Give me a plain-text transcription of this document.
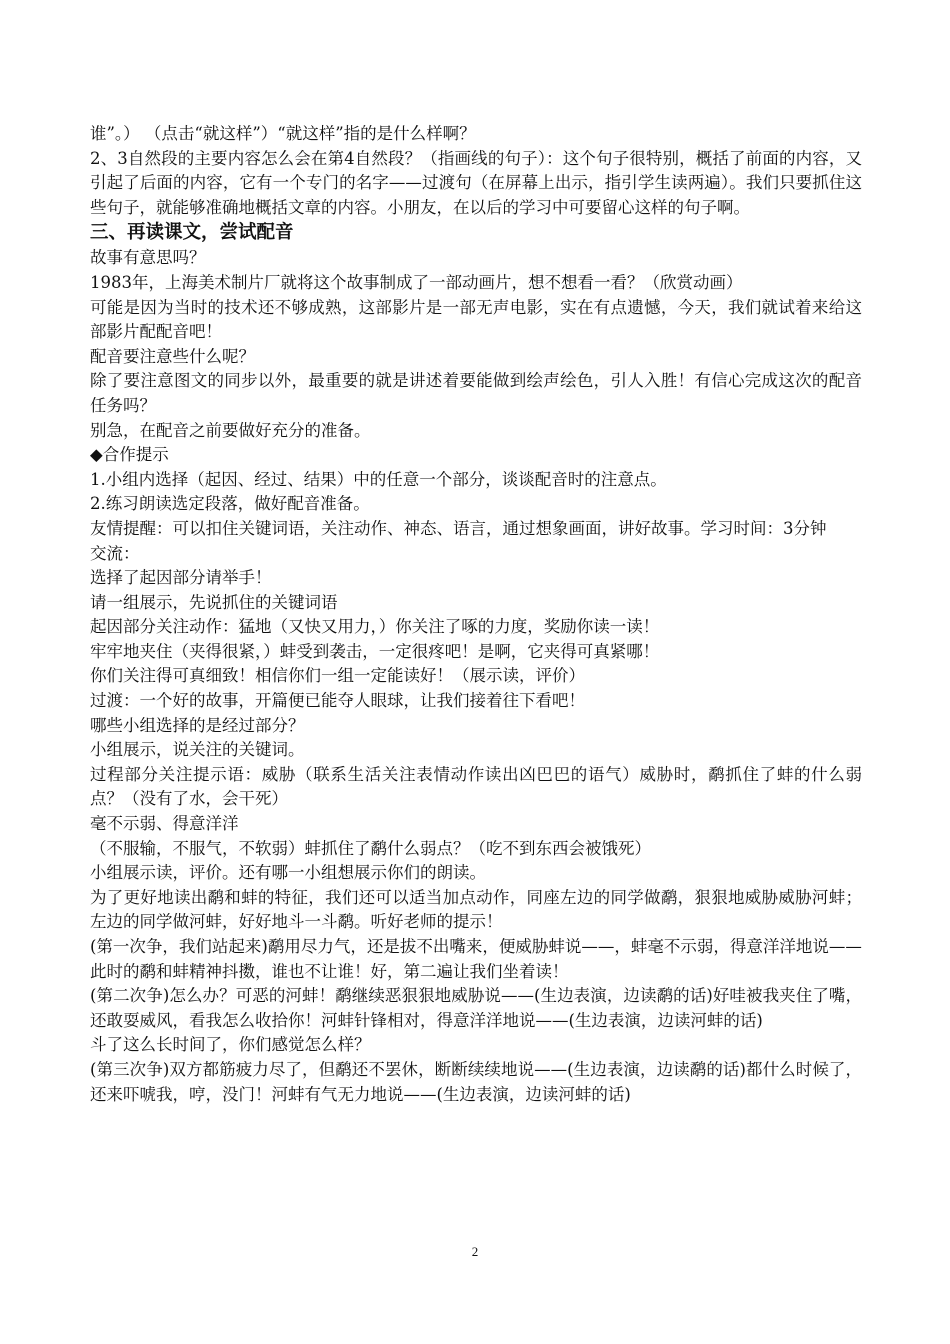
谁”。） （点击“就这样”）“就这样”指的是什么样啊？

2、3自然段的主要内容怎么会在第4自然段？（指画线的句子）：这个句子很特别，概括了前面的内容，又引起了后面的内容，它有一个专门的名字——过渡句（在屏幕上出示，指引学生读两遍）。我们只要抓住这些句子，就能够准确地概括文章的内容。小朋友，在以后的学习中可要留心这样的句子啊。

三、再读课文，尝试配音

故事有意思吗？

1983年，上海美术制片厂就将这个故事制成了一部动画片，想不想看一看？（欣赏动画）

可能是因为当时的技术还不够成熟，这部影片是一部无声电影，实在有点遗憾，今天，我们就试着来给这部影片配配音吧！

配音要注意些什么呢？

除了要注意图文的同步以外，最重要的就是讲述着要能做到绘声绘色，引人入胜！有信心完成这次的配音任务吗？

别急，在配音之前要做好充分的准备。

◆合作提示

1.小组内选择（起因、经过、结果）中的任意一个部分，谈谈配音时的注意点。

2.练习朗读选定段落，做好配音准备。

友情提醒：可以扣住关键词语，关注动作、神态、语言，通过想象画面，讲好故事。学习时间：3分钟

交流：

选择了起因部分请举手！

请一组展示，先说抓住的关键词语

起因部分关注动作：猛地（又快又用力，）你关注了啄的力度，奖励你读一读！

牢牢地夹住（夹得很紧，）蚌受到袭击，一定很疼吧！是啊，它夹得可真紧哪！

你们关注得可真细致！相信你们一组一定能读好！（展示读，评价）

过渡：一个好的故事，开篇便已能夺人眼球，让我们接着往下看吧！

哪些小组选择的是经过部分？

小组展示，说关注的关键词。

过程部分关注提示语：威胁（联系生活关注表情动作读出凶巴巴的语气）威胁时，鹬抓住了蚌的什么弱点？（没有了水，会干死）

毫不示弱、得意洋洋

（不服输，不服气，不软弱）蚌抓住了鹬什么弱点？（吃不到东西会被饿死）

小组展示读，评价。还有哪一小组想展示你们的朗读。

为了更好地读出鹬和蚌的特征，我们还可以适当加点动作，同座左边的同学做鹬，狠狠地威胁威胁河蚌；左边的同学做河蚌，好好地斗一斗鹬。听好老师的提示！

(第一次争，我们站起来)鹬用尽力气，还是拔不出嘴来，便威胁蚌说——，蚌毫不示弱，得意洋洋地说——

此时的鹬和蚌精神抖擞，谁也不让谁！好，第二遍让我们坐着读！

(第二次争)怎么办？可恶的河蚌！鹬继续恶狠狠地威胁说——(生边表演，边读鹬的话)好哇被我夹住了嘴，还敢耍威风，看我怎么收拾你！河蚌针锋相对，得意洋洋地说——(生边表演，边读河蚌的话)

斗了这么长时间了，你们感觉怎么样？

(第三次争)双方都筋疲力尽了，但鹬还不罢休，断断续续地说——(生边表演，边读鹬的话)都什么时候了，还来吓唬我，哼，没门！河蚌有气无力地说——(生边表演，边读河蚌的话)

2
